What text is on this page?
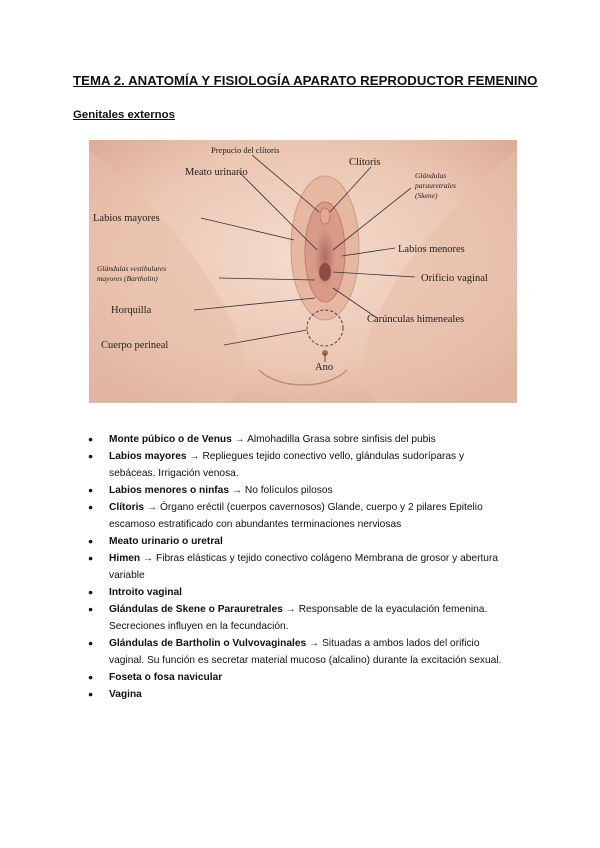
TEMA 2. ANATOMÍA Y FISIOLOGÍA APARATO REPRODUCTOR FEMENINO
Genitales externos
Prepucio del clítoris
Meato urinario
Clítoris
Glándulas
parauretrales
(Skene)
Labios mayores
Labios menores
Glándulas vestibulares
mayores (Bartholin)	Orificio vaginal
Horquilla
Carúnculas himeneales
Cuerpo perineal
Ano
● Monte púbico o de Venus → Almohadilla Grasa sobre sinfisis del pubis
● Labios mayores → Repliegues tejido conectivo vello, glándulas sudoríparas y sebáceas. Irrigación venosa.
● Labios menores o ninfas → No folículos pilosos
● Clítoris → Órgano eréctil (cuerpos cavernosos) Glande, cuerpo y 2 pilares Epitelio escamoso estratificado con abundantes terminaciones nerviosas
● Meato urinario o uretral
● Himen → Fibras elásticas y tejido conectivo colágeno Membrana de grosor y abertura variable
● Introito vaginal
● Glándulas de Skene o Parauretrales → Responsable de la eyaculación femenina. Secreciones influyen en la fecundación.
● Glándulas de Bartholin o Vulvovaginales → Situadas a ambos lados del orificio vaginal. Su función es secretar material mucoso (alcalino) durante la excitación sexual.
● Foseta o fosa navicular
● Vagina
